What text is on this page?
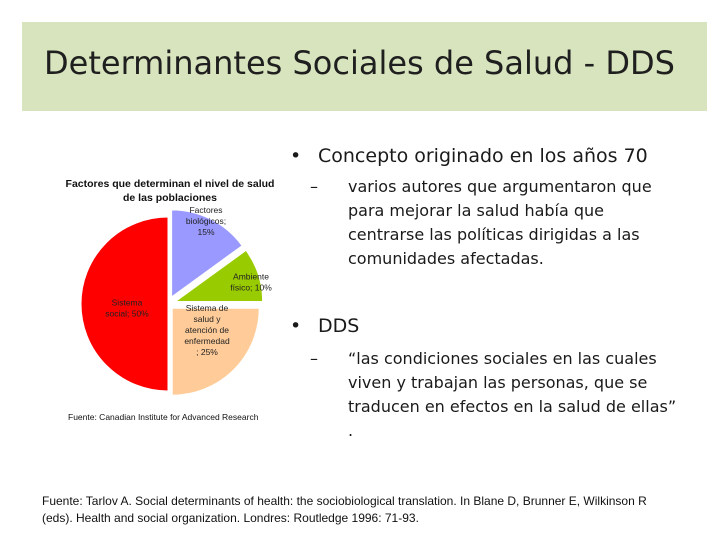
Determinantes Sociales de Salud - DDS
Factores que determinan el nivel de salud
de las poblaciones
Factores biológicos; 15%
Ambiente físico; 10%
Sistema de salud y atención de enfermedad ; 25%
Sistema social; 50%
Fuente: Canadian Institute for Advanced Research
• Concepto originado en los años 70
–	varios autores que argumentaron que para mejorar la salud había que centrarse las políticas dirigidas a las comunidades afectadas.
• DDS
–	“las condiciones sociales en las cuales viven y trabajan las personas, que se traducen en efectos en la salud de ellas” .
Fuente: Tarlov A. Social determinants of health: the sociobiological translation. In Blane D, Brunner E, Wilkinson R (eds). Health and social organization. Londres: Routledge 1996: 71-93.
